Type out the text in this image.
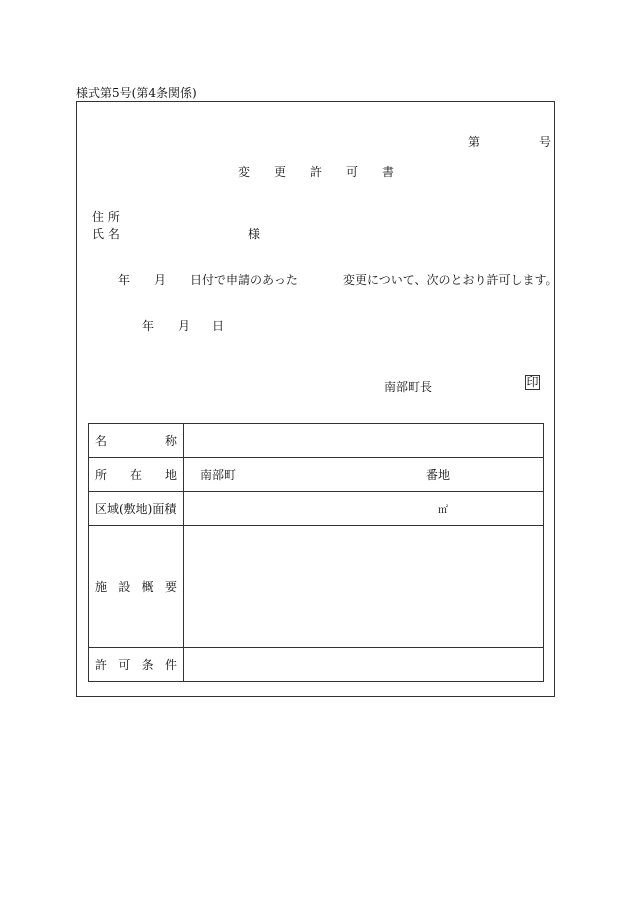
様式第5号(第4条関係)
第	号
変 更 許 可 書
住 所
氏 名	様
年 月 日付で申請のあった	変更について、次のとおり許可します。
年 月 日
南部町長	印
名 称	

所 在 地	南部町 番地

区域(敷地)面積	㎡

施 設 概 要	

許 可 条 件	
